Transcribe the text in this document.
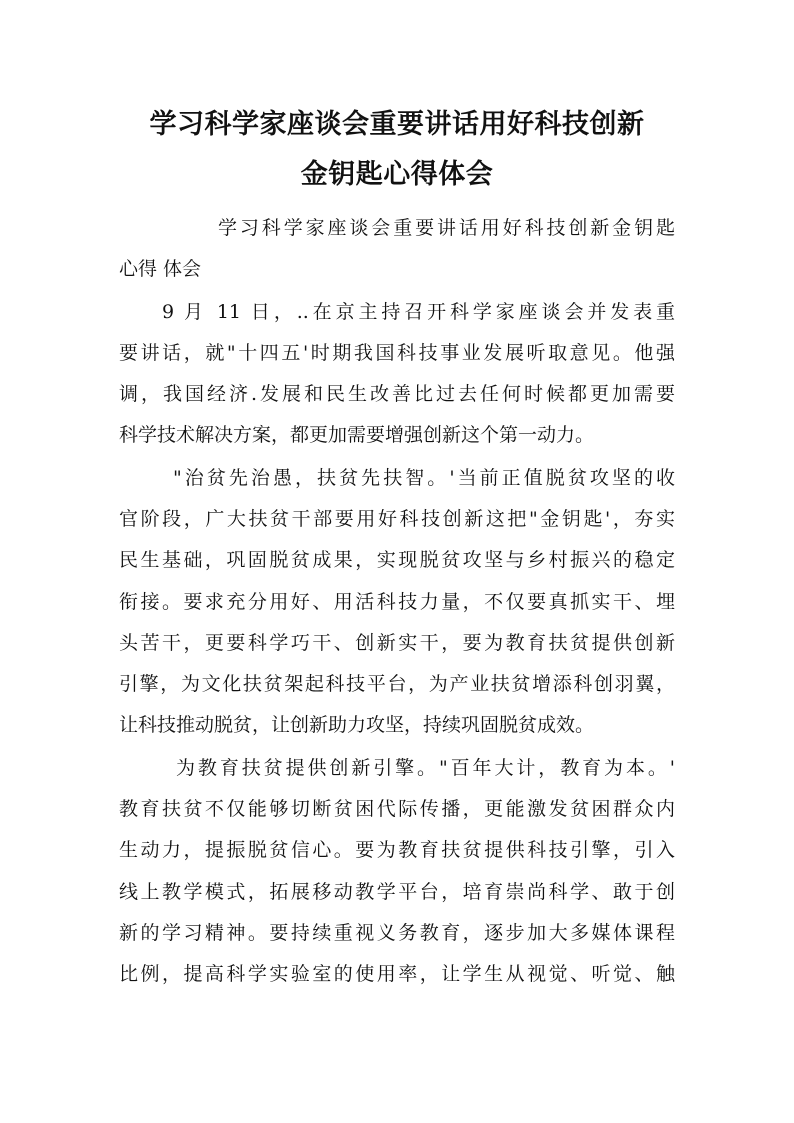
学习科学家座谈会重要讲话用好科技创新
金钥匙心得体会
学习科学家座谈会重要讲话用好科技创新金钥匙
心得 体会
9 月 11 日，..在京主持召开科学家座谈会并发表重
要讲话，就"十四五'时期我国科技事业发展听取意见。他强
调，我国经济.发展和民生改善比过去任何时候都更加需要
科学技术解决方案，都更加需要增强创新这个第一动力。
"治贫先治愚，扶贫先扶智。'当前正值脱贫攻坚的收
官阶段，广大扶贫干部要用好科技创新这把"金钥匙'，夯实
民生基础，巩固脱贫成果，实现脱贫攻坚与乡村振兴的稳定
衔接。要求充分用好、用活科技力量，不仅要真抓实干、埋
头苦干，更要科学巧干、创新实干，要为教育扶贫提供创新
引擎，为文化扶贫架起科技平台，为产业扶贫增添科创羽翼，
让科技推动脱贫，让创新助力攻坚，持续巩固脱贫成效。
为教育扶贫提供创新引擎。"百年大计，教育为本。'
教育扶贫不仅能够切断贫困代际传播，更能激发贫困群众内
生动力，提振脱贫信心。要为教育扶贫提供科技引擎，引入
线上教学模式，拓展移动教学平台，培育崇尚科学、敢于创
新的学习精神。要持续重视义务教育，逐步加大多媒体课程
比例，提高科学实验室的使用率，让学生从视觉、听觉、触
